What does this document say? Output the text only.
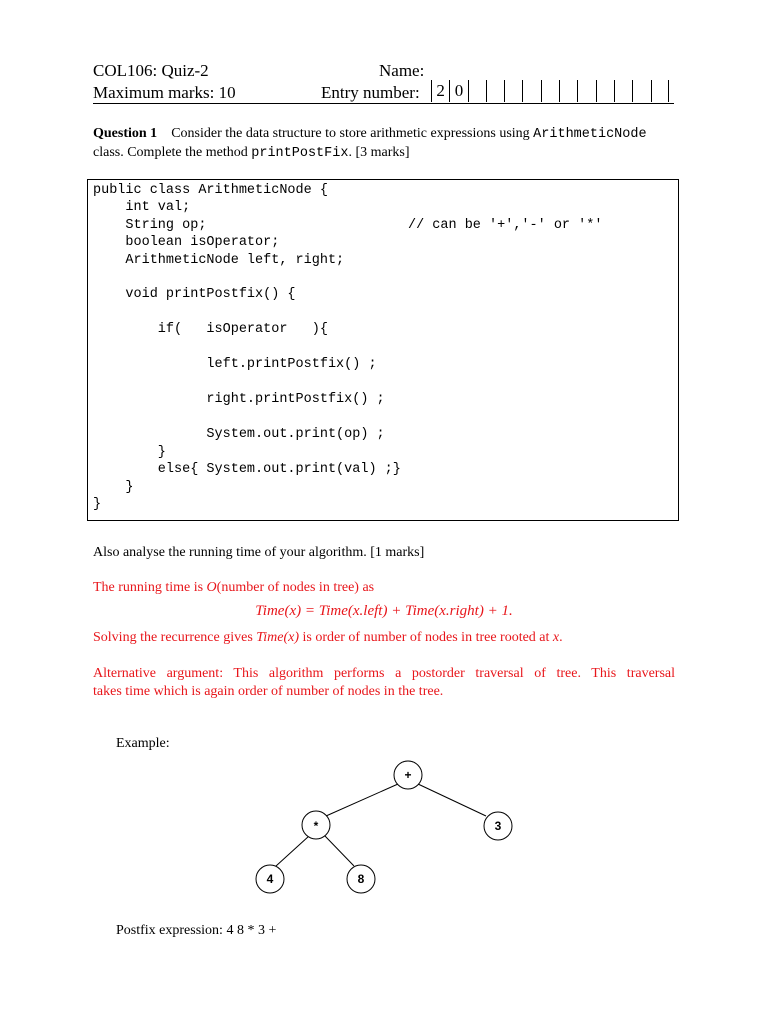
COL106: Quiz-2
Maximum marks: 10
Name:
Entry number: 2 0
Question 1 Consider the data structure to store arithmetic expressions using ArithmeticNode
class. Complete the method printPostFix. [3 marks]
public class ArithmeticNode {
int val;
String op;
boolean isOperator;
ArithmeticNode left, right;
void printPostfix() {
if(   isOperator   ){
left.printPostfix() ;
right.printPostfix() ;
System.out.print(op) ;
}
else{ System.out.print(val) ;}
}
}
// can be '+','-' or '*'
Also analyse the running time of your algorithm. [1 marks]
The running time is O(number of nodes in tree) as
Time(x) = Time(x.left) + Time(x.right) + 1.
Solving the recurrence gives Time(x) is order of number of nodes in tree rooted at x.
Alternative argument: This algorithm performs a postorder traversal of tree. This traversal
takes time which is again order of number of nodes in the tree.
Example:
+
*	3
4	8
Postfix expression: 4 8 * 3 +
